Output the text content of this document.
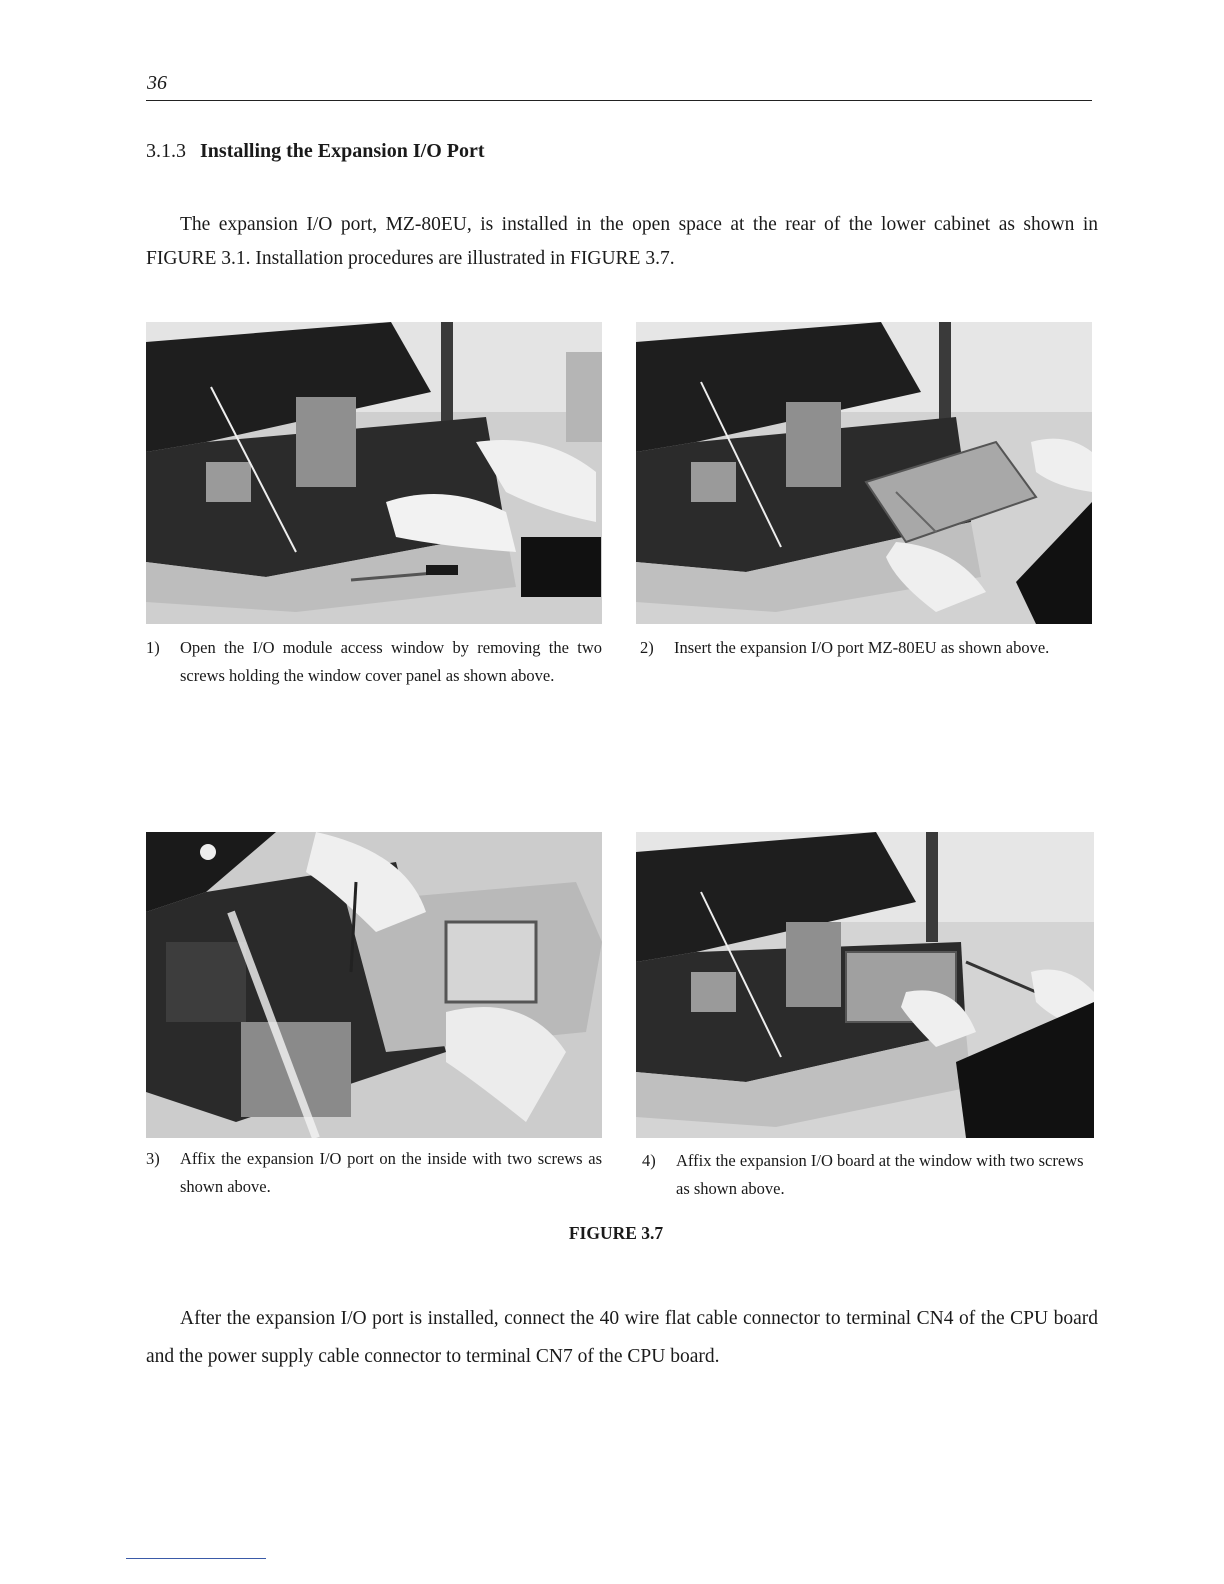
36
3.1.3 Installing the Expansion I/O Port

The expansion I/O port, MZ-80EU, is installed in the open space at the rear of the lower cabinet as shown in FIGURE 3.1. Installation procedures are illustrated in FIGURE 3.7.

1)	Open the I/O module access window by removing the two screws holding the window cover panel as shown above.
2)	Insert the expansion I/O port MZ-80EU as shown above.
3)	Affix the expansion I/O port on the inside with two screws as shown above.
4)	Affix the expansion I/O board at the window with two screws as shown above.
FIGURE 3.7

After the expansion I/O port is installed, connect the 40 wire flat cable connector to terminal CN4 of the CPU board and the power supply cable connector to terminal CN7 of the CPU board.
